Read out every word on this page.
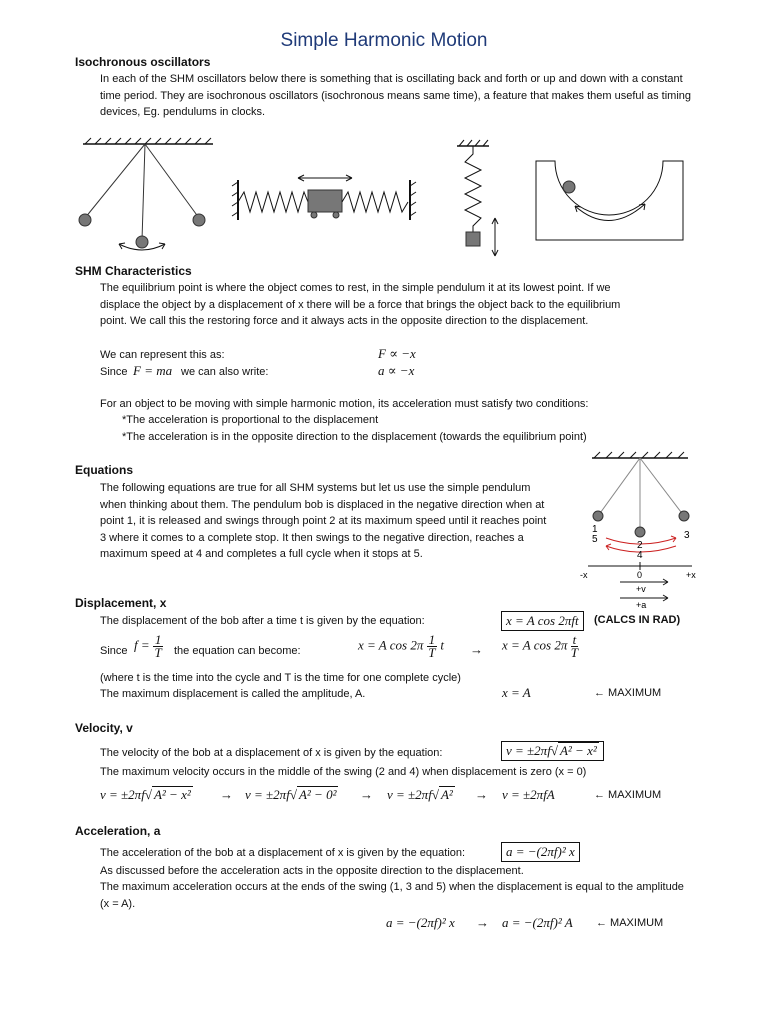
Simple Harmonic Motion
Isochronous oscillators
In each of the SHM oscillators below there is something that is oscillating back and forth or up and down with a constant time period. They are isochronous oscillators (isochronous means same time), a feature that makes them useful as timing devices, Eg. pendulums in clocks.
SHM Characteristics
The equilibrium point is where the object comes to rest, in the simple pendulum it at its lowest point. If we displace the object by a displacement of x there will be a force that brings the object back to the equilibrium point. We call this the restoring force and it always acts in the opposite direction to the displacement.
We can represent this as:	F ∝ −x
Since F = ma we can also write:	a ∝ −x
For an object to be moving with simple harmonic motion, its acceleration must satisfy two conditions:
*The acceleration is proportional to the displacement
*The acceleration is in the opposite direction to the displacement (towards the equilibrium point)
Equations
The following equations are true for all SHM systems but let us use the simple pendulum when thinking about them. The pendulum bob is displaced in the negative direction when at point 1, it is released and swings through point 2 at its maximum speed until it reaches point 3 where it comes to a complete stop. It then swings to the negative direction, reaches a maximum speed at 4 and completes a full cycle when it stops at 5.
1
5
2
4
3
-x	0	+x
+v
+a
Displacement, x
The displacement of the bob after a time t is given by the equation:	x = A cos 2πft	(CALCS IN RAD)
Since $f = \frac{1}{T}$ the equation can become:	x = A $\cos 2\pi \frac{1}{T}$ t → x = A $\cos 2\pi \frac{t}{T}$
(where t is the time into the cycle and T is the time for one complete cycle)
The maximum displacement is called the amplitude, A.	x = A	← MAXIMUM
Velocity, v
The velocity of the bob at a displacement of x is given by the equation:	v = ±2πf√ A² − x²
The maximum velocity occurs in the middle of the swing (2 and 4) when displacement is zero (x = 0)
v = ±2πf√ A² − x² → v = ±2πf√ A² − 0² → v = ±2πf√ A² → v = ±2πfA	← MAXIMUM
Acceleration, a
The acceleration of the bob at a displacement of x is given by the equation:	a = −(2πf)² x
As discussed before the acceleration acts in the opposite direction to the displacement.
The maximum acceleration occurs at the ends of the swing (1, 3 and 5) when the displacement is equal to the amplitude (x = A).
a = −(2πf)² x → a = −(2πf)² A ← MAXIMUM
